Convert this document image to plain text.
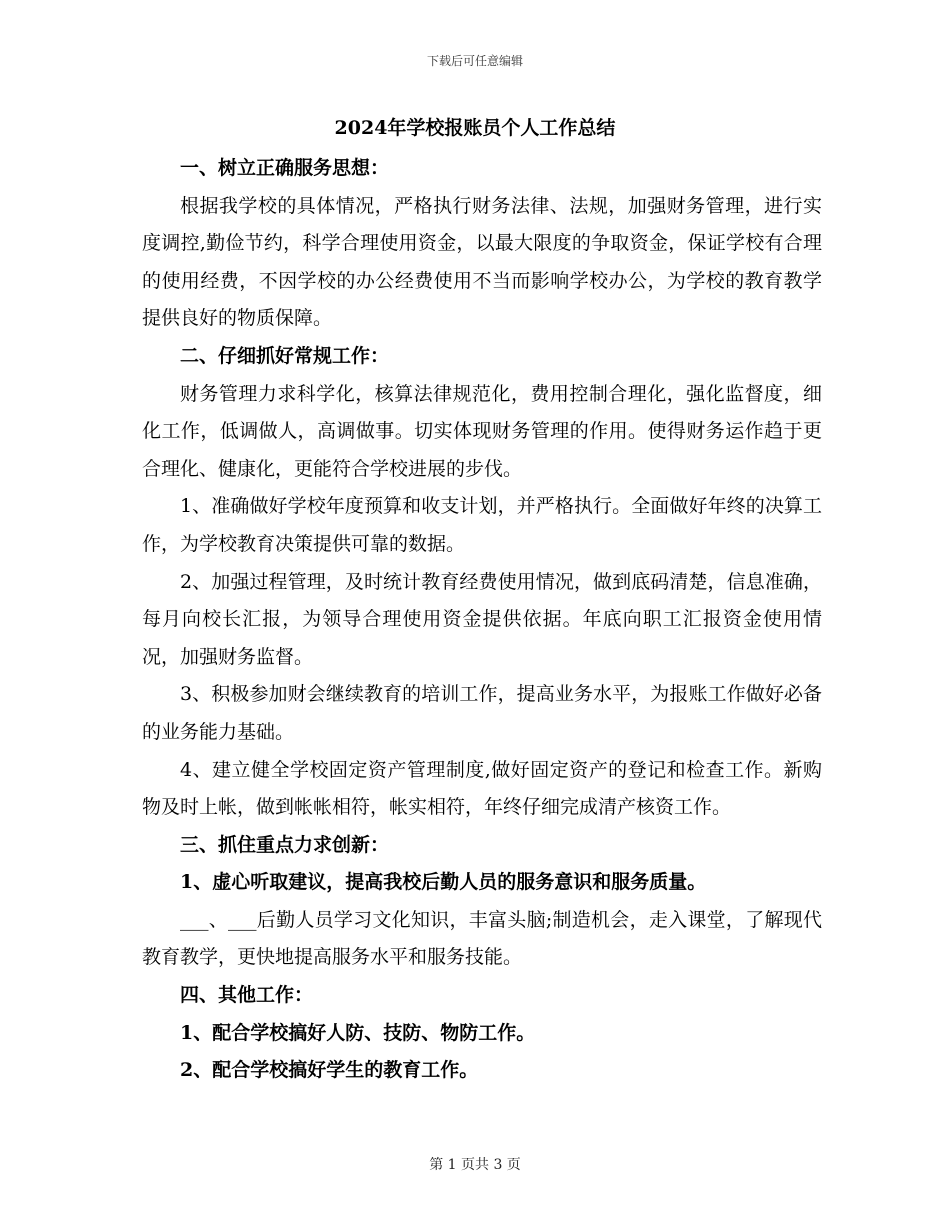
下载后可任意编辑
2024年学校报账员个人工作总结

一、树立正确服务思想：

根据我学校的具体情况，严格执行财务法律、法规，加强财务管理，进行实度调控,勤俭节约，科学合理使用资金，以最大限度的争取资金，保证学校有合理的使用经费，不因学校的办公经费使用不当而影响学校办公，为学校的教育教学提供良好的物质保障。

二、仔细抓好常规工作：

财务管理力求科学化，核算法律规范化，费用控制合理化，强化监督度，细化工作，低调做人，高调做事。切实体现财务管理的作用。使得财务运作趋于更合理化、健康化，更能符合学校进展的步伐。

1、准确做好学校年度预算和收支计划，并严格执行。全面做好年终的决算工作，为学校教育决策提供可靠的数据。

2、加强过程管理，及时统计教育经费使用情况，做到底码清楚，信息准确，每月向校长汇报，为领导合理使用资金提供依据。年底向职工汇报资金使用情况，加强财务监督。

3、积极参加财会继续教育的培训工作，提高业务水平，为报账工作做好必备的业务能力基础。

4、建立健全学校固定资产管理制度,做好固定资产的登记和检查工作。新购物及时上帐，做到帐帐相符，帐实相符，年终仔细完成清产核资工作。

三、抓住重点力求创新：

1、虚心听取建议，提高我校后勤人员的服务意识和服务质量。

___、___后勤人员学习文化知识，丰富头脑;制造机会，走入课堂，了解现代教育教学，更快地提高服务水平和服务技能。

四、其他工作：

1、配合学校搞好人防、技防、物防工作。

2、配合学校搞好学生的教育工作。

第 1 页共 3 页
